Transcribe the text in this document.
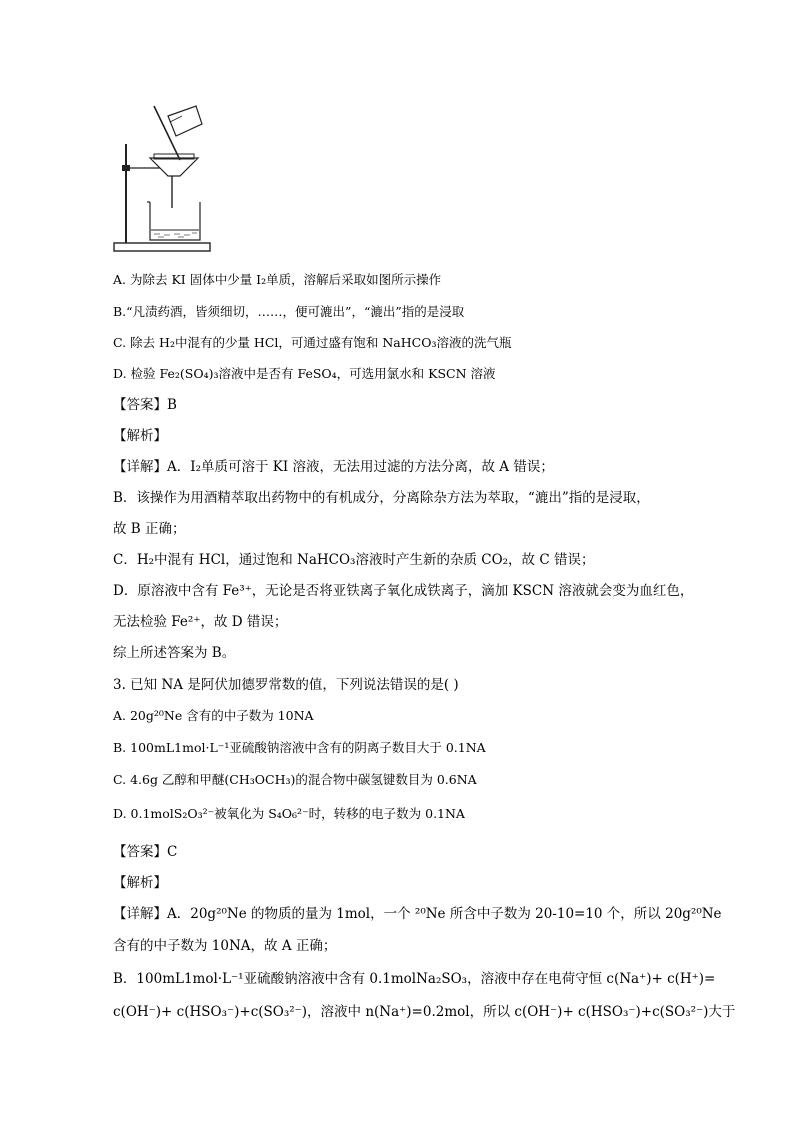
A. 为除去 KI 固体中少量 I₂单质，溶解后采取如图所示操作
B.“凡渍药酒，皆须细切，……，便可漉出”，“漉出”指的是浸取
C. 除去 H₂中混有的少量 HCl，可通过盛有饱和 NaHCO₃溶液的洗气瓶
D. 检验 Fe₂(SO₄)₃溶液中是否有 FeSO₄，可选用氯水和 KSCN 溶液
【答案】B
【解析】
【详解】A．I₂单质可溶于 KI 溶液，无法用过滤的方法分离，故 A 错误；
B．该操作为用酒精萃取出药物中的有机成分，分离除杂方法为萃取，“漉出”指的是浸取，
故 B 正确；
C．H₂中混有 HCl，通过饱和 NaHCO₃溶液时产生新的杂质 CO₂，故 C 错误；
D．原溶液中含有 Fe³⁺，无论是否将亚铁离子氧化成铁离子，滴加 KSCN 溶液就会变为血红色，
无法检验 Fe²⁺，故 D 错误；
综上所述答案为 B。
3. 已知 NA 是阿伏加德罗常数的值，下列说法错误的是( )
A. 20g²⁰Ne 含有的中子数为 10NA
B. 100mL1mol·L⁻¹亚硫酸钠溶液中含有的阴离子数目大于 0.1NA
C. 4.6g 乙醇和甲醚(CH₃OCH₃)的混合物中碳氢键数目为 0.6NA
D. 0.1molS₂O₃²⁻被氧化为 S₄O₆²⁻时，转移的电子数为 0.1NA
【答案】C
【解析】
【详解】A．20g²⁰Ne 的物质的量为 1mol，一个 ²⁰Ne 所含中子数为 20-10=10 个，所以 20g²⁰Ne
含有的中子数为 10NA，故 A 正确；
B．100mL1mol·L⁻¹亚硫酸钠溶液中含有 0.1molNa₂SO₃，溶液中存在电荷守恒 c(Na⁺)+ c(H⁺)=
c(OH⁻)+ c(HSO₃⁻)+c(SO₃²⁻)，溶液中 n(Na⁺)=0.2mol，所以 c(OH⁻)+ c(HSO₃⁻)+c(SO₃²⁻)大于
